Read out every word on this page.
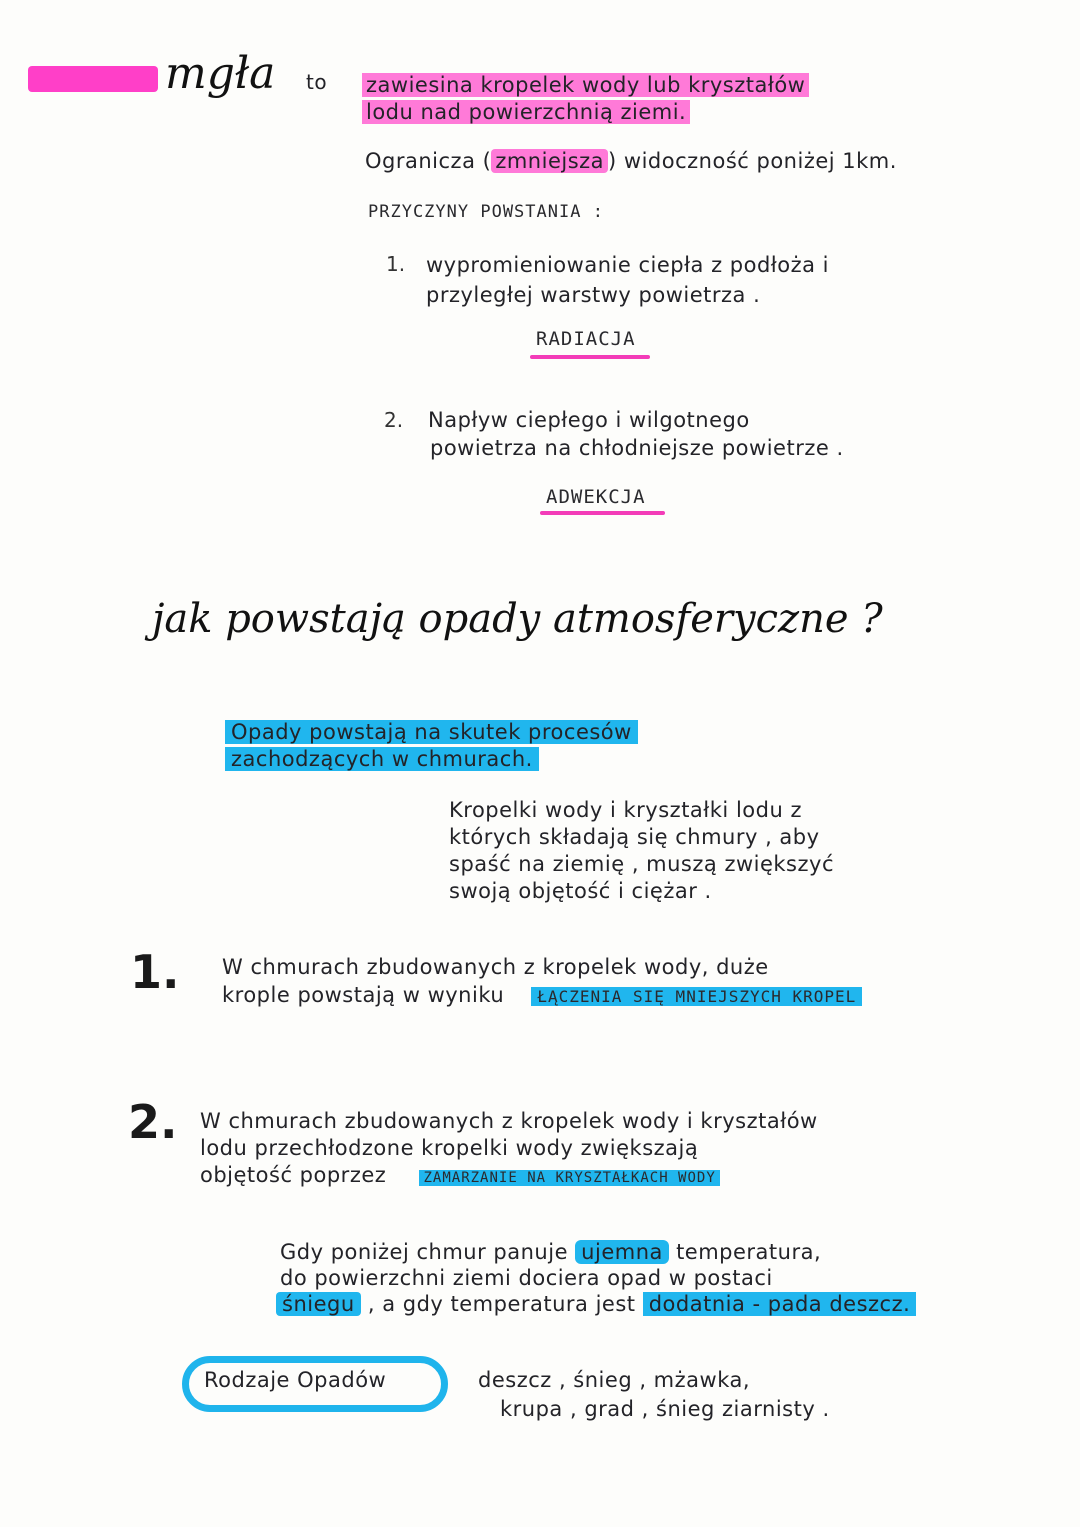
mgła to zawiesina kropelek wody lub kryształów
lodu nad powierzchnią ziemi.
Ogranicza ( zmniejsza ) widoczność poniżej 1km.
PRZYCZYNY POWSTANIA :
1. wypromieniowanie ciepła z podłoża i
przyległej warstwy powietrza .
RADIACJA
2. Napływ ciepłego i wilgotnego
powietrza na chłodniejsze powietrze .
ADWEKCJA
jak powstają opady atmosferyczne ?
Opady powstają na skutek procesów
zachodzących w chmurach.
Kropelki wody i kryształki lodu z
których składają się chmury , aby
spaść na ziemię , muszą zwiększyć
swoją objętość i ciężar .
1. W chmurach zbudowanych z kropelek wody, duże
krople powstają w wyniku ŁĄCZENIA SIĘ MNIEJSZYCH KROPEL
2. W chmurach zbudowanych z kropelek wody i kryształów
lodu przechłodzone kropelki wody zwiększają
objętość poprzez	ZAMARZANIE NA KRYSZTAŁKACH WODY
Gdy poniżej chmur panuje ujemna temperatura,
do powierzchni ziemi dociera opad w postaci
śniegu , a gdy temperatura jest dodatnia - pada deszcz.
Rodzaje Opadów	deszcz , śnieg , mżawka,
krupa , grad , śnieg ziarnisty .
